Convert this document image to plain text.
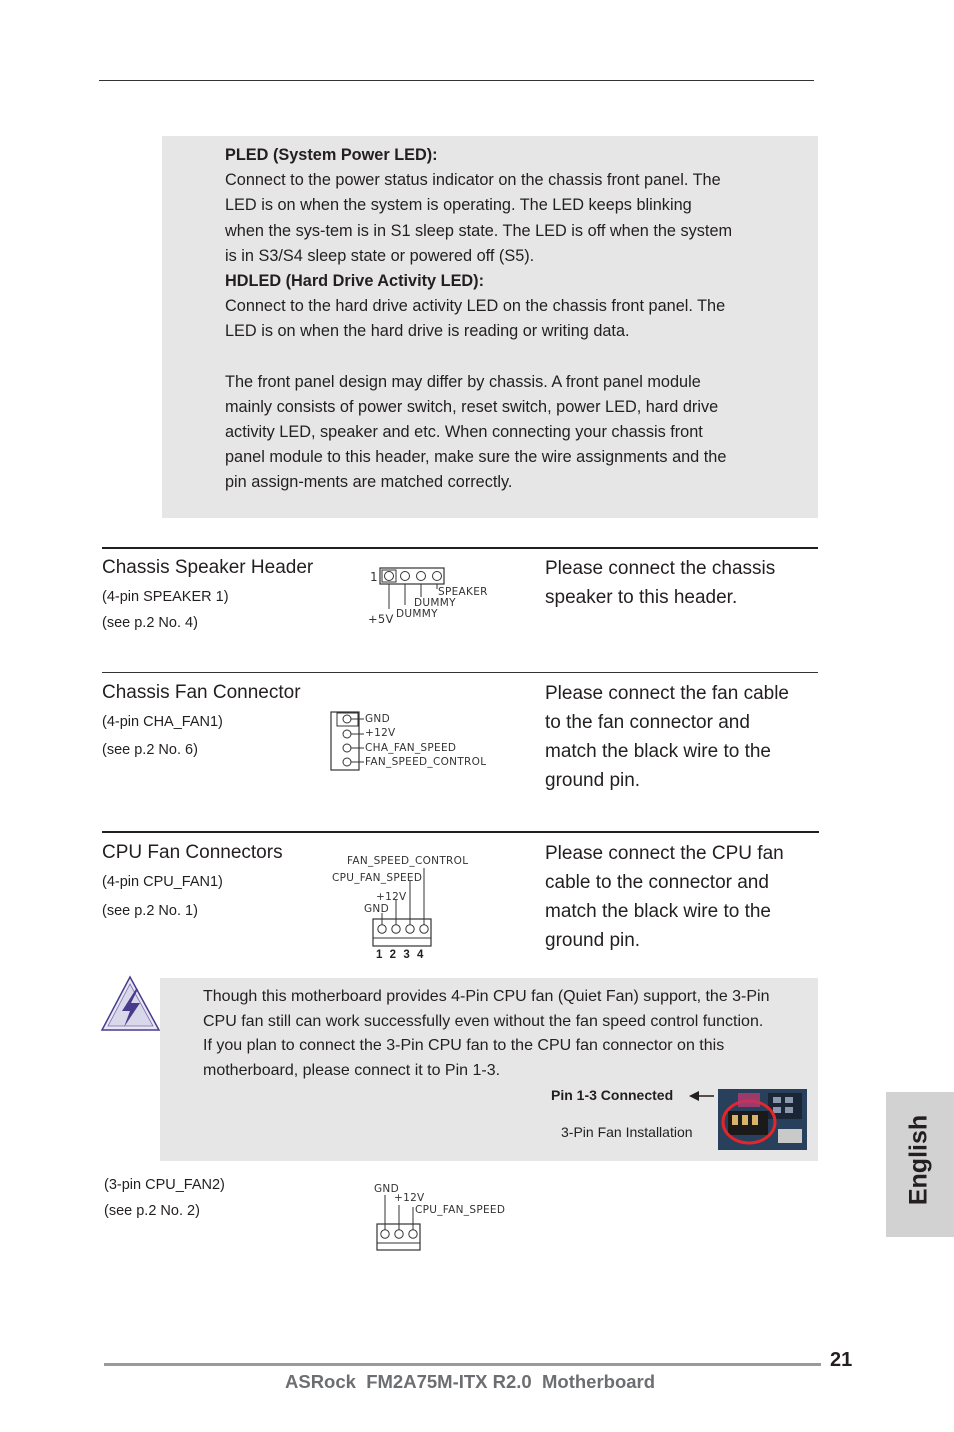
PLED (System Power LED):
Connect to the power status indicator on the chassis front panel. The
LED is on when the system is operating. The LED keeps blinking
when the sys-tem is in S1 sleep state. The LED is off when the system
is in S3/S4 sleep state or powered off (S5).
HDLED (Hard Drive Activity LED):
Connect to the hard drive activity LED on the chassis front panel. The
LED is on when the hard drive is reading or writing data.
The front panel design may differ by chassis. A front panel module
mainly consists of power switch, reset switch, power LED, hard drive
activity LED, speaker and etc. When connecting your chassis front
panel module to this header, make sure the wire assignments and the
pin assign-ments are matched correctly.
Chassis Speaker Header
(4-pin SPEAKER 1)
(see p.2 No. 4)
Please connect the chassis
speaker to this header.
1
SPEAKER
DUMMY
DUMMY
+5V
Chassis Fan Connector
(4-pin CHA_FAN1)
(see p.2 No. 6)
Please connect the fan cable
to the fan connector and
match the black wire to the
ground pin.
GND
+12V
CHA_FAN_SPEED
FAN_SPEED_CONTROL
CPU Fan Connectors
(4-pin CPU_FAN1)
(see p.2 No. 1)
Please connect the CPU fan
cable to the connector and
match the black wire to the
ground pin.
FAN_SPEED_CONTROL
CPU_FAN_SPEED
+12V
GND
1  2  3  4
Though this motherboard provides 4-Pin CPU fan (Quiet Fan) support, the 3-Pin
CPU fan still can work successfully even without the fan speed control function.
If you plan to connect the 3-Pin CPU fan to the CPU fan connector on this
motherboard, please connect it to Pin 1-3.
Pin 1-3 Connected
3-Pin Fan Installation
(3-pin CPU_FAN2)
(see p.2 No. 2)
GND
+12V
CPU_FAN_SPEED
English
21
ASRock  FM2A75M-ITX R2.0  Motherboard
